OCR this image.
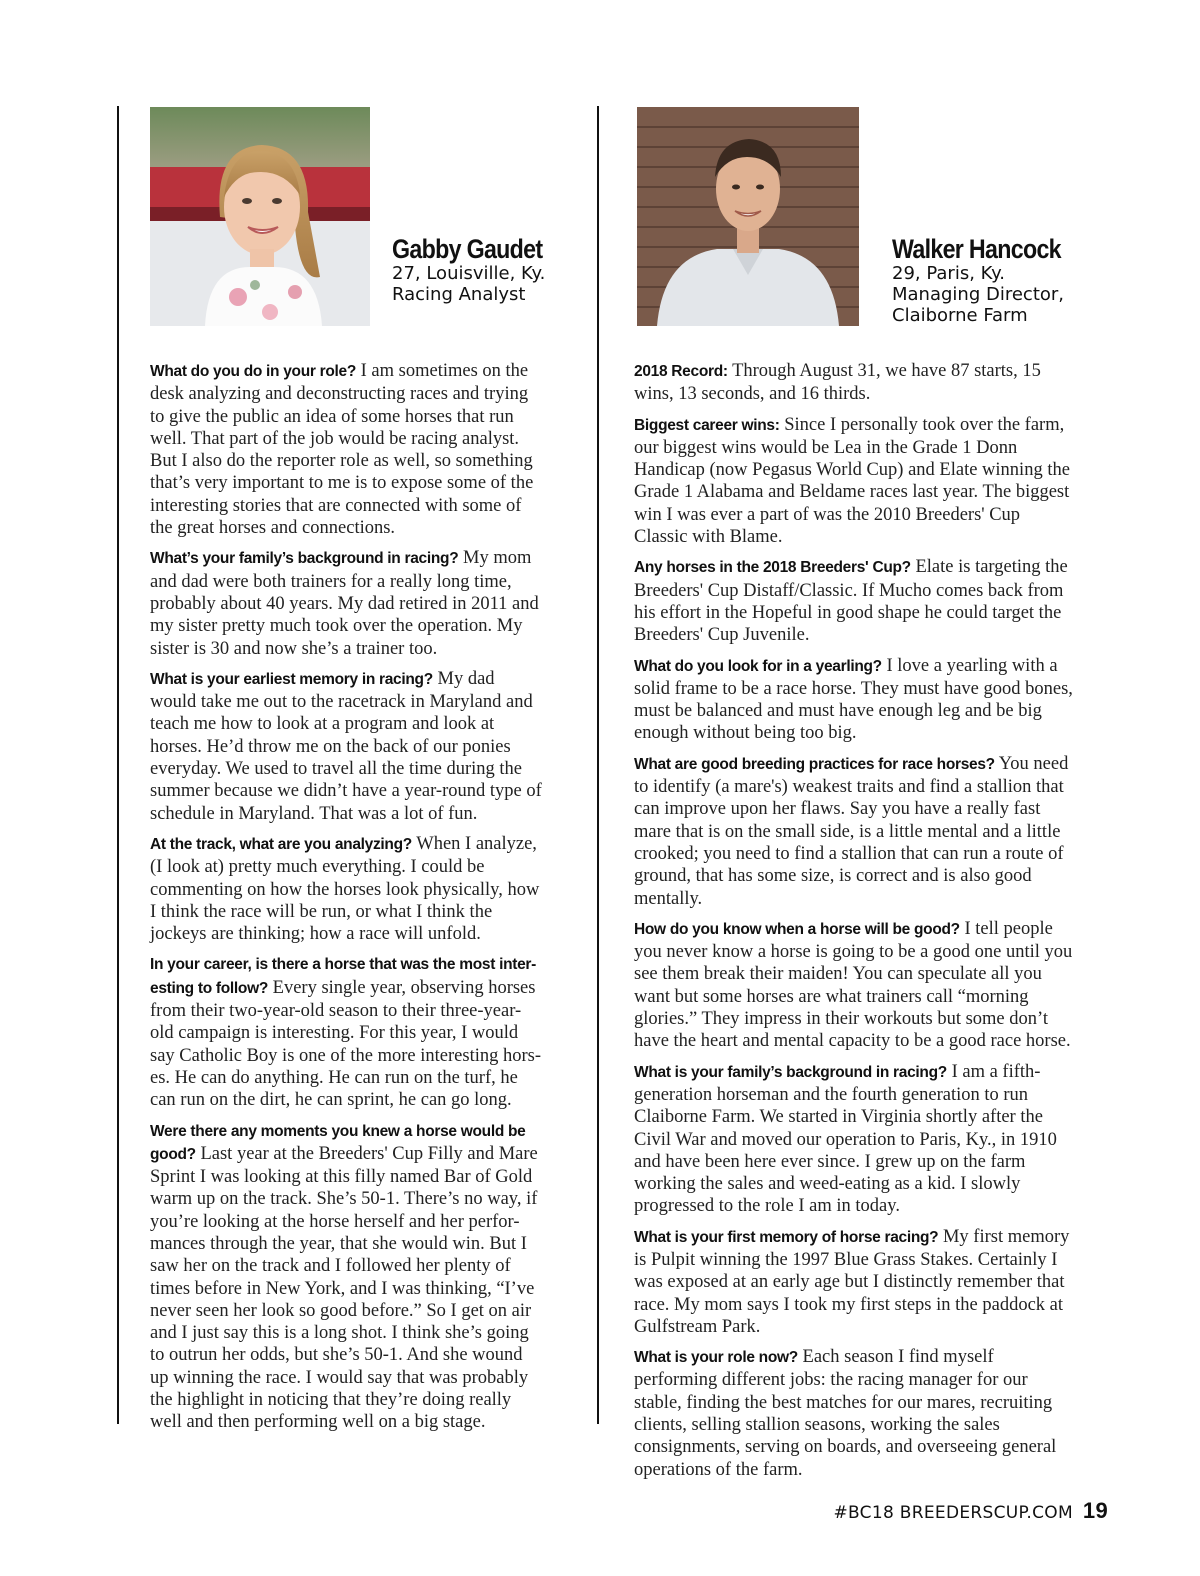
Gabby Gaudet
27, Louisville, Ky.
Racing Analyst
Walker Hancock
29, Paris, Ky.
Managing Director,
Claiborne Farm

What do you do in your role? I am sometimes on the desk analyzing and deconstructing races and trying to give the public an idea of some horses that run well. That part of the job would be racing analyst. But I also do the reporter role as well, so something that’s very important to me is to expose some of the interesting stories that are connected with some of the great horses and connections.

What’s your family’s background in racing? My mom and dad were both trainers for a really long time, probably about 40 years. My dad retired in 2011 and my sister pretty much took over the operation. My sister is 30 and now she’s a trainer too.

What is your earliest memory in racing? My dad would take me out to the racetrack in Maryland and teach me how to look at a program and look at horses. He’d throw me on the back of our ponies everyday. We used to travel all the time during the summer because we didn’t have a year-round type of schedule in Maryland. That was a lot of fun.

At the track, what are you analyzing? When I analyze, (I look at) pretty much everything. I could be commenting on how the horses look physically, how I think the race will be run, or what I think the jockeys are thinking; how a race will unfold.

In your career, is there a horse that was the most inter-esting to follow? Every single year, observing horses from their two-year-old season to their three-year-old campaign is interesting. For this year, I would say Catholic Boy is one of the more interesting hors-es. He can do anything. He can run on the turf, he can run on the dirt, he can sprint, he can go long.

Were there any moments you knew a horse would be good? Last year at the Breeders' Cup Filly and Mare Sprint I was looking at this filly named Bar of Gold warm up on the track. She’s 50-1. There’s no way, if you’re looking at the horse herself and her perfor-mances through the year, that she would win. But I saw her on the track and I followed her plenty of times before in New York, and I was thinking, “I’ve never seen her look so good before.” So I get on air and I just say this is a long shot. I think she’s going to outrun her odds, but she’s 50-1. And she wound up winning the race. I would say that was probably the highlight in noticing that they’re doing really well and then performing well on a big stage.

2018 Record: Through August 31, we have 87 starts, 15 wins, 13 seconds, and 16 thirds.

Biggest career wins: Since I personally took over the farm, our biggest wins would be Lea in the Grade 1 Donn Handicap (now Pegasus World Cup) and Elate winning the Grade 1 Alabama and Beldame races last year. The biggest win I was ever a part of was the 2010 Breeders' Cup Classic with Blame.

Any horses in the 2018 Breeders' Cup? Elate is targeting the Breeders' Cup Distaff/Classic. If Mucho comes back from his effort in the Hopeful in good shape he could target the Breeders' Cup Juvenile.

What do you look for in a yearling? I love a yearling with a solid frame to be a race horse. They must have good bones, must be balanced and must have enough leg and be big enough without being too big.

What are good breeding practices for race horses? You need to identify (a mare's) weakest traits and find a stallion that can improve upon her flaws. Say you have a really fast mare that is on the small side, is a little mental and a little crooked; you need to find a stallion that can run a route of ground, that has some size, is correct and is also good mentally.

How do you know when a horse will be good? I tell people you never know a horse is going to be a good one until you see them break their maiden! You can speculate all you want but some horses are what trainers call “morning glories.” They impress in their workouts but some don’t have the heart and mental capacity to be a good race horse.

What is your family’s background in racing? I am a fifth-generation horseman and the fourth generation to run Claiborne Farm. We started in Virginia shortly after the Civil War and moved our operation to Paris, Ky., in 1910 and have been here ever since. I grew up on the farm working the sales and weed-eating as a kid. I slowly progressed to the role I am in today.

What is your first memory of horse racing? My first memory is Pulpit winning the 1997 Blue Grass Stakes. Certainly I was exposed at an early age but I distinctly remember that race. My mom says I took my first steps in the paddock at Gulfstream Park.

What is your role now? Each season I find myself performing different jobs: the racing manager for our stable, finding the best matches for our mares, recruiting clients, selling stallion seasons, working the sales consignments, serving on boards, and overseeing general operations of the farm.

#BC18 BREEDERSCUP.COM 19
